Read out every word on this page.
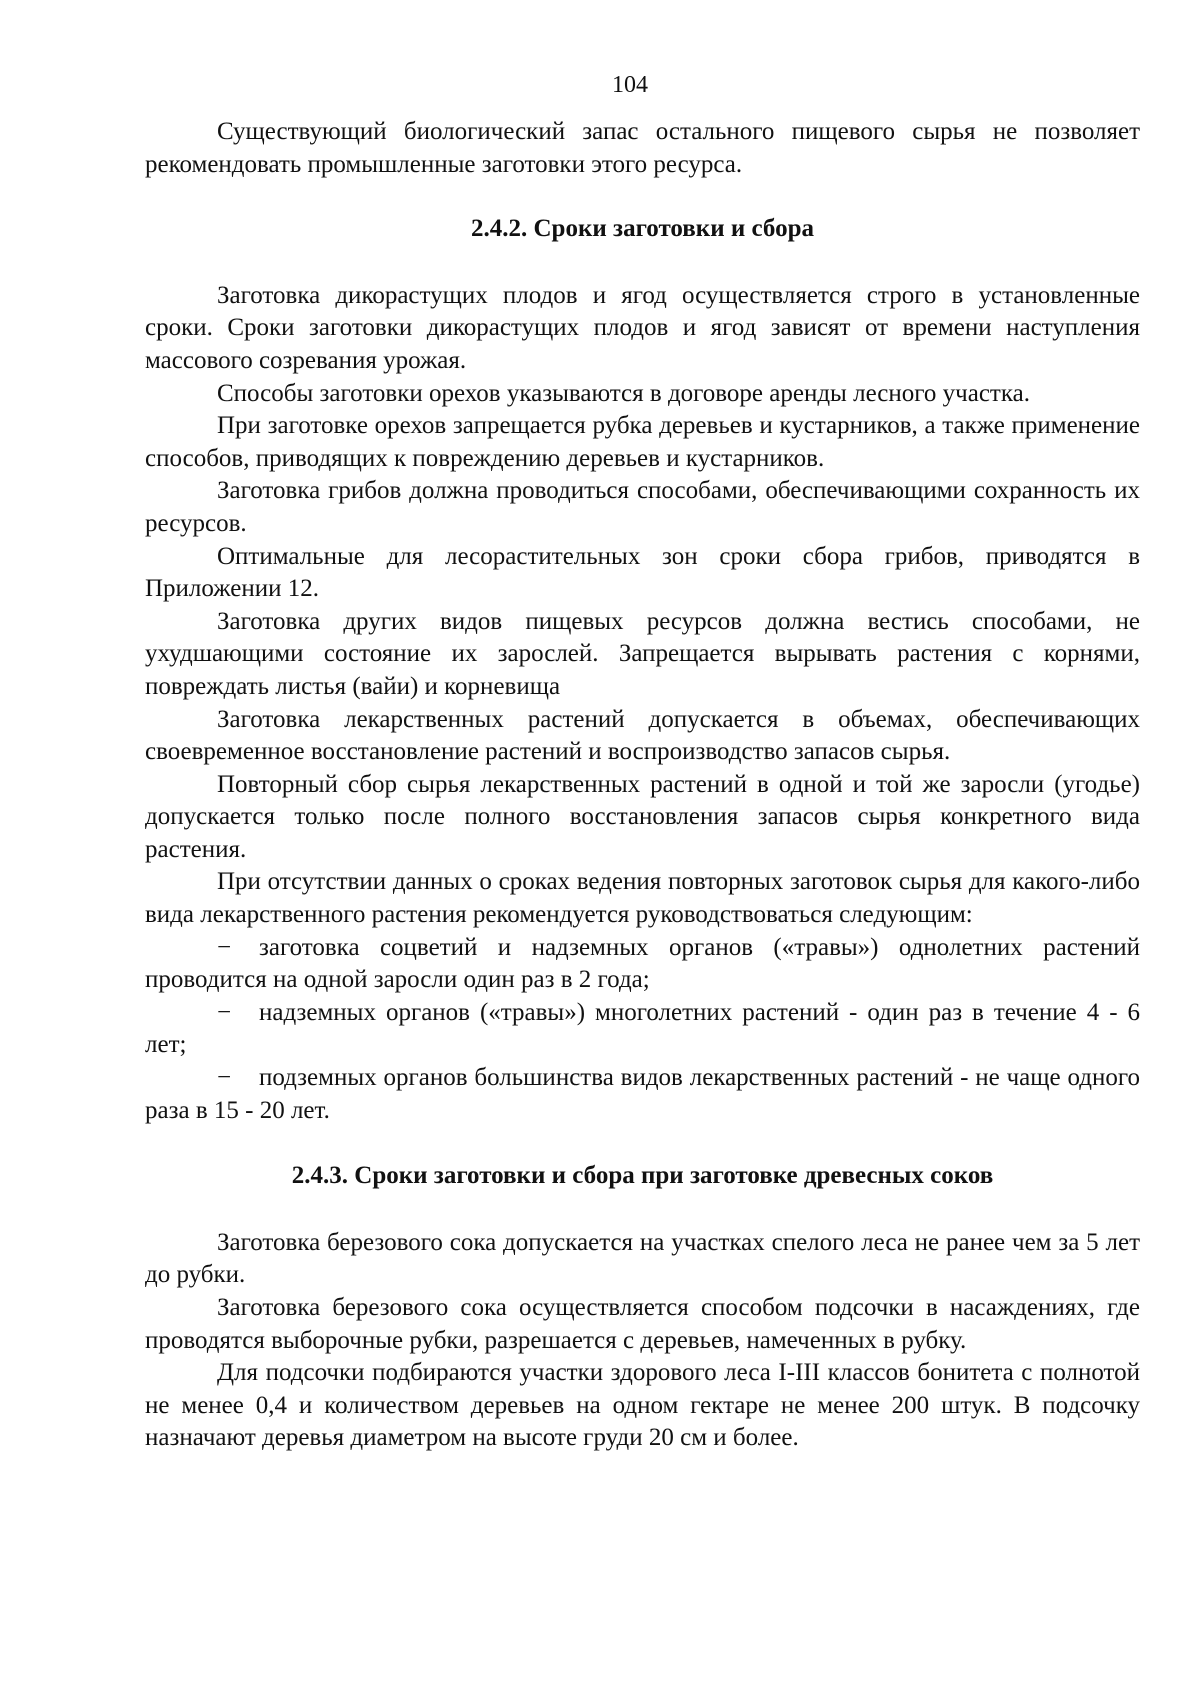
104

Существующий биологический запас остального пищевого сырья не позволяет рекомендовать промышленные заготовки этого ресурса.

2.4.2. Сроки заготовки и сбора

Заготовка дикорастущих плодов и ягод осуществляется строго в установленные сроки. Сроки заготовки дикорастущих плодов и ягод зависят от времени наступления массового созревания урожая.

Способы заготовки орехов указываются в договоре аренды лесного участка.

При заготовке орехов запрещается рубка деревьев и кустарников, а также применение способов, приводящих к повреждению деревьев и кустарников.

Заготовка грибов должна проводиться способами, обеспечивающими сохранность их ресурсов.

Оптимальные для лесорастительных зон сроки сбора грибов, приводятся в Приложении 12.

Заготовка других видов пищевых ресурсов должна вестись способами, не ухудшающими состояние их зарослей. Запрещается вырывать растения с корнями, повреждать листья (вайи) и корневища

Заготовка лекарственных растений допускается в объемах, обеспечивающих своевременное восстановление растений и воспроизводство запасов сырья.

Повторный сбор сырья лекарственных растений в одной и той же заросли (угодье) допускается только после полного восстановления запасов сырья конкретного вида растения.

При отсутствии данных о сроках ведения повторных заготовок сырья для какого-либо вида лекарственного растения рекомендуется руководствоваться следующим:

− заготовка соцветий и надземных органов («травы») однолетних растений проводится на одной заросли один раз в 2 года;

− надземных органов («травы») многолетних растений - один раз в течение 4 - 6 лет;

− подземных органов большинства видов лекарственных растений - не чаще одного раза в 15 - 20 лет.

2.4.3. Сроки заготовки и сбора при заготовке древесных соков

Заготовка березового сока допускается на участках спелого леса не ранее чем за 5 лет до рубки.

Заготовка березового сока осуществляется способом подсочки в насаждениях, где проводятся выборочные рубки, разрешается с деревьев, намеченных в рубку.

Для подсочки подбираются участки здорового леса I-III классов бонитета с полнотой не менее 0,4 и количеством деревьев на одном гектаре не менее 200 штук. В подсочку назначают деревья диаметром на высоте груди 20 см и более.
